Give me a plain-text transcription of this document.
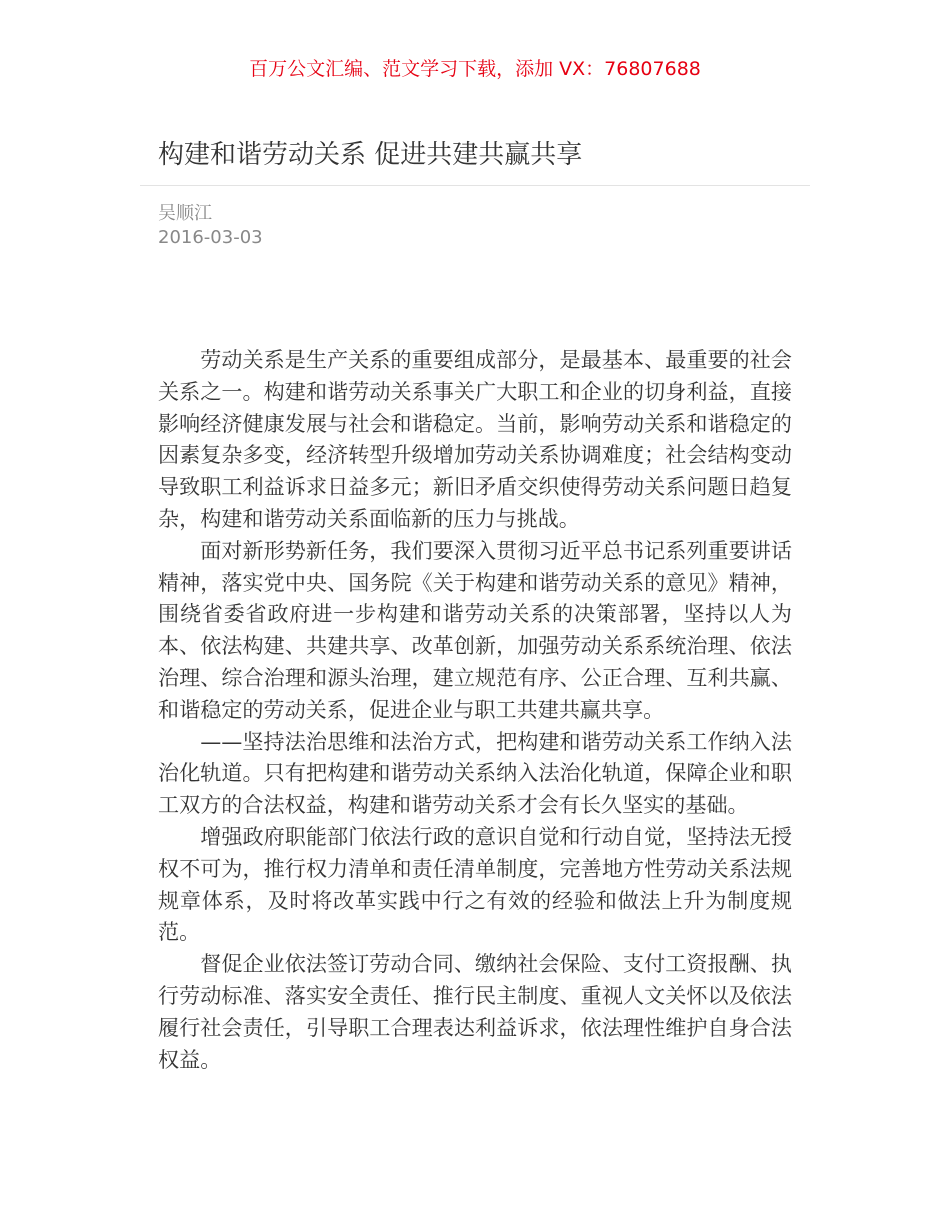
百万公文汇编、范文学习下载，添加 VX：76807688
构建和谐劳动关系 促进共建共赢共享
吴顺江
2016-03-03

劳动关系是生产关系的重要组成部分，是最基本、最重要的社会关系之一。构建和谐劳动关系事关广大职工和企业的切身利益，直接影响经济健康发展与社会和谐稳定。当前，影响劳动关系和谐稳定的因素复杂多变，经济转型升级增加劳动关系协调难度；社会结构变动导致职工利益诉求日益多元；新旧矛盾交织使得劳动关系问题日趋复杂，构建和谐劳动关系面临新的压力与挑战。

面对新形势新任务，我们要深入贯彻习近平总书记系列重要讲话精神，落实党中央、国务院《关于构建和谐劳动关系的意见》精神，围绕省委省政府进一步构建和谐劳动关系的决策部署，坚持以人为本、依法构建、共建共享、改革创新，加强劳动关系系统治理、依法治理、综合治理和源头治理，建立规范有序、公正合理、互利共赢、和谐稳定的劳动关系，促进企业与职工共建共赢共享。

——坚持法治思维和法治方式，把构建和谐劳动关系工作纳入法治化轨道。只有把构建和谐劳动关系纳入法治化轨道，保障企业和职工双方的合法权益，构建和谐劳动关系才会有长久坚实的基础。

增强政府职能部门依法行政的意识自觉和行动自觉，坚持法无授权不可为，推行权力清单和责任清单制度，完善地方性劳动关系法规规章体系，及时将改革实践中行之有效的经验和做法上升为制度规范。

督促企业依法签订劳动合同、缴纳社会保险、支付工资报酬、执行劳动标准、落实安全责任、推行民主制度、重视人文关怀以及依法履行社会责任，引导职工合理表达利益诉求，依法理性维护自身合法权益。
